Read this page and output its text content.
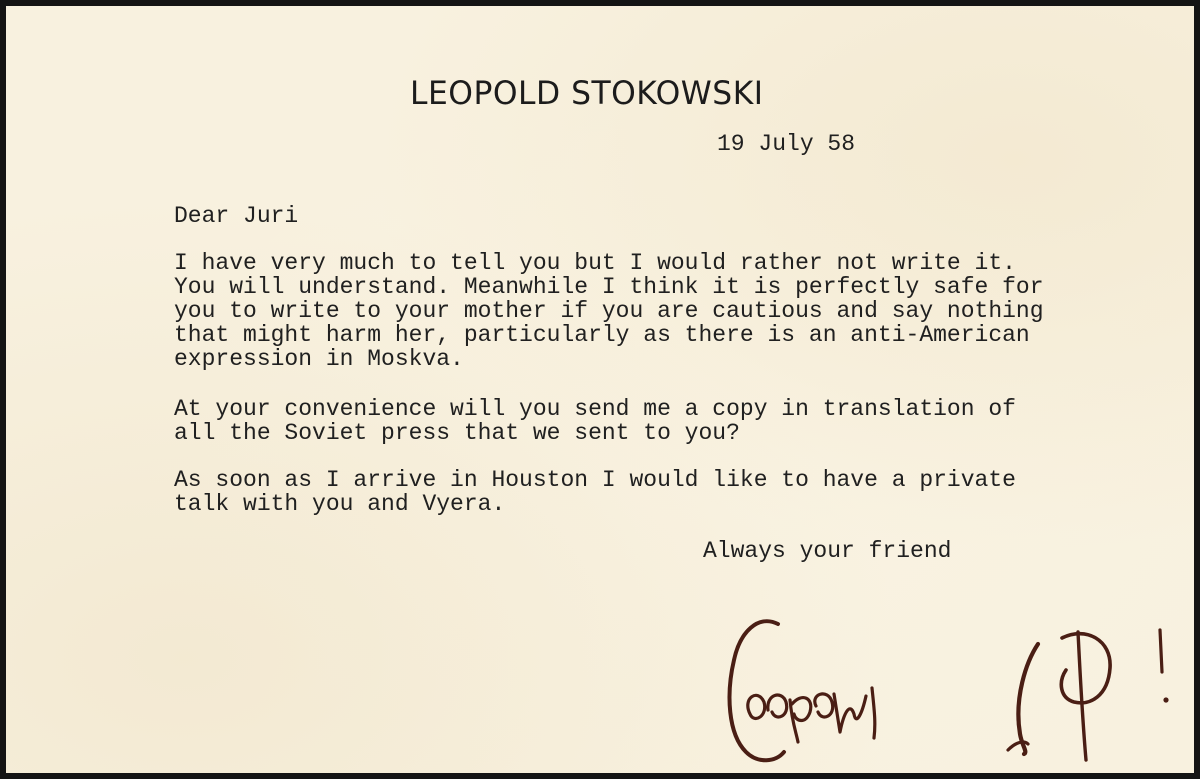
LEOPOLD STOKOWSKI
19 July 58
Dear Juri
I have very much to tell you but I would rather not write it.
You will understand. Meanwhile I think it is perfectly safe for
you to write to your mother if you are cautious and say nothing
that might harm her, particularly as there is an anti-American
expression in Moskva.
At your convenience will you send me a copy in translation of
all the Soviet press that we sent to you?
As soon as I arrive in Houston I would like to have a private
talk with you and Vyera.
Always your friend
